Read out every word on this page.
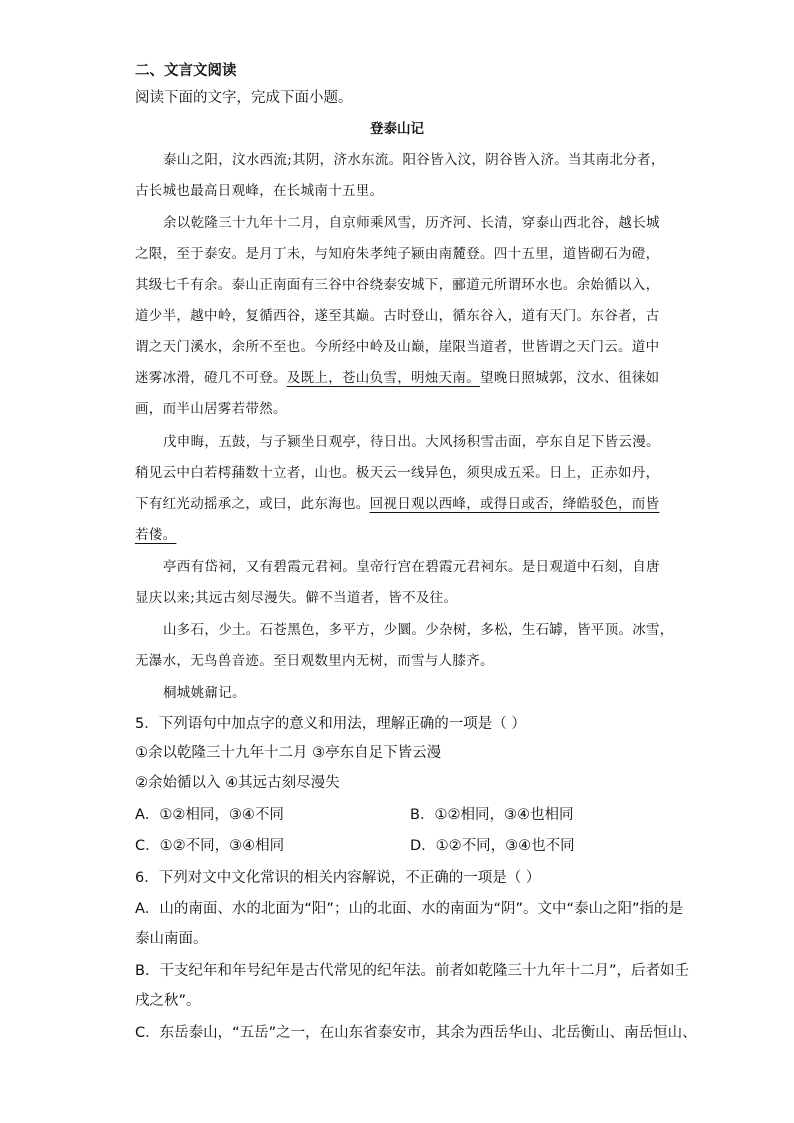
二、文言文阅读
阅读下面的文字，完成下面小题。
登泰山记
泰山之阳，汶水西流;其阴，济水东流。阳谷皆入汶，阴谷皆入济。当其南北分者，
古长城也最高日观峰，在长城南十五里。
余以乾隆三十九年十二月，自京师乘风雪，历齐河、长清，穿泰山西北谷，越长城
之限，至于泰安。是月丁未，与知府朱孝纯子颍由南麓登。四十五里，道皆砌石为磴，
其级七千有余。泰山正南面有三谷中谷绕泰安城下，郦道元所谓环水也。余始循以入，
道少半，越中岭，复循西谷，遂至其巅。古时登山，循东谷入，道有天门。东谷者，古
谓之天门溪水，余所不至也。今所经中岭及山巅，崖限当道者，世皆谓之天门云。道中
迷雾冰滑，磴几不可登。及既上，苍山负雪，明烛天南。望晚日照城郭，汶水、徂徕如
画，而半山居雾若带然。
戊申晦，五鼓，与子颍坐日观亭，待日出。大风扬积雪击面，亭东自足下皆云漫。
稍见云中白若樗蒱数十立者，山也。极天云一线异色，须臾成五采。日上，正赤如丹，
下有红光动摇承之，或曰，此东海也。回视日观以西峰，或得日或否，绛皓驳色，而皆
若偻。
亭西有岱祠，又有碧霞元君祠。皇帝行宫在碧霞元君祠东。是日观道中石刻，自唐
显庆以来;其远古刻尽漫失。僻不当道者，皆不及往。
山多石，少土。石苍黑色，多平方，少圜。少杂树，多松，生石罅，皆平顶。冰雪，
无瀑水，无鸟兽音迹。至日观数里内无树，而雪与人膝齐。
桐城姚鼐记。
5．下列语句中加点字的意义和用法，理解正确的一项是（ ）
①余以乾隆三十九年十二月 ③亭东自足下皆云漫
②余始循以入 ④其远古刻尽漫失
A．①②相同，③④不同	B．①②相同，③④也相同
C．①②不同，③④相同	D．①②不同，③④也不同
6．下列对文中文化常识的相关内容解说，不正确的一项是（ ）
A．山的南面、水的北面为“阳”；山的北面、水的南面为“阴”。文中“泰山之阳”指的是
泰山南面。
B．干支纪年和年号纪年是古代常见的纪年法。前者如乾隆三十九年十二月”，后者如壬
戌之秋”。
C．东岳泰山，“五岳”之一，在山东省泰安市，其余为西岳华山、北岳衡山、南岳恒山、
